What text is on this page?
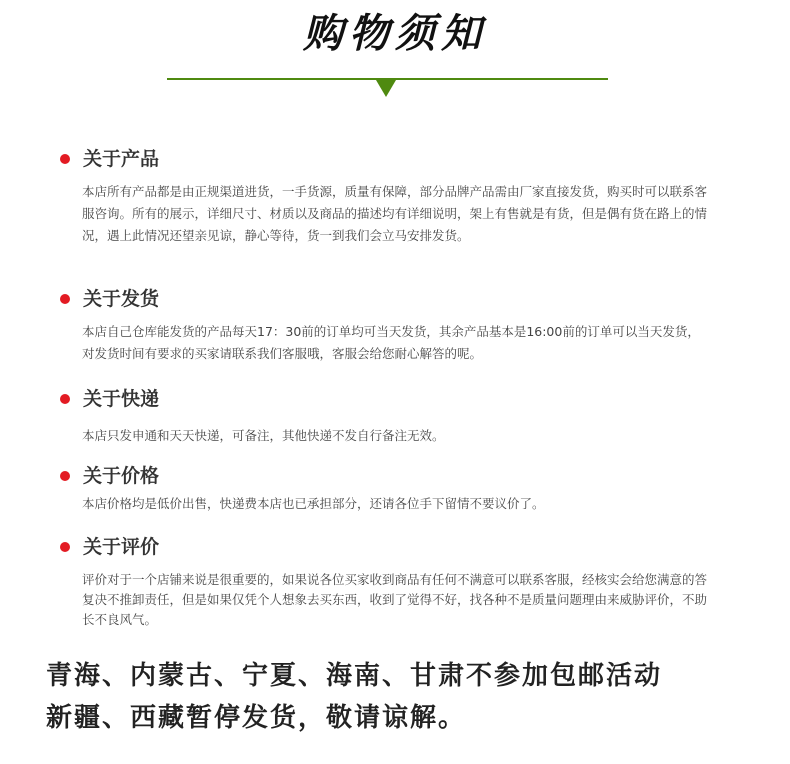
购物须知
关于产品

本店所有产品都是由正规渠道进货，一手货源，质量有保障，部分品牌产品需由厂家直接发货，购买时可以联系客服咨询。所有的展示，详细尺寸、材质以及商品的描述均有详细说明，架上有售就是有货，但是偶有货在路上的情况，遇上此情况还望亲见谅，静心等待，货一到我们会立马安排发货。

关于发货

本店自己仓库能发货的产品每天17：30前的订单均可当天发货，其余产品基本是16:00前的订单可以当天发货，对发货时间有要求的买家请联系我们客服哦，客服会给您耐心解答的呢。

关于快递

本店只发申通和天天快递，可备注，其他快递不发自行备注无效。

关于价格

本店价格均是低价出售，快递费本店也已承担部分，还请各位手下留情不要议价了。

关于评价

评价对于一个店铺来说是很重要的，如果说各位买家收到商品有任何不满意可以联系客服，经核实会给您满意的答复决不推卸责任，但是如果仅凭个人想象去买东西，收到了觉得不好，找各种不是质量问题理由来威胁评价，不助长不良风气。

青海、内蒙古、宁夏、海南、甘肃不参加包邮活动
新疆、西藏暂停发货，敬请谅解。
